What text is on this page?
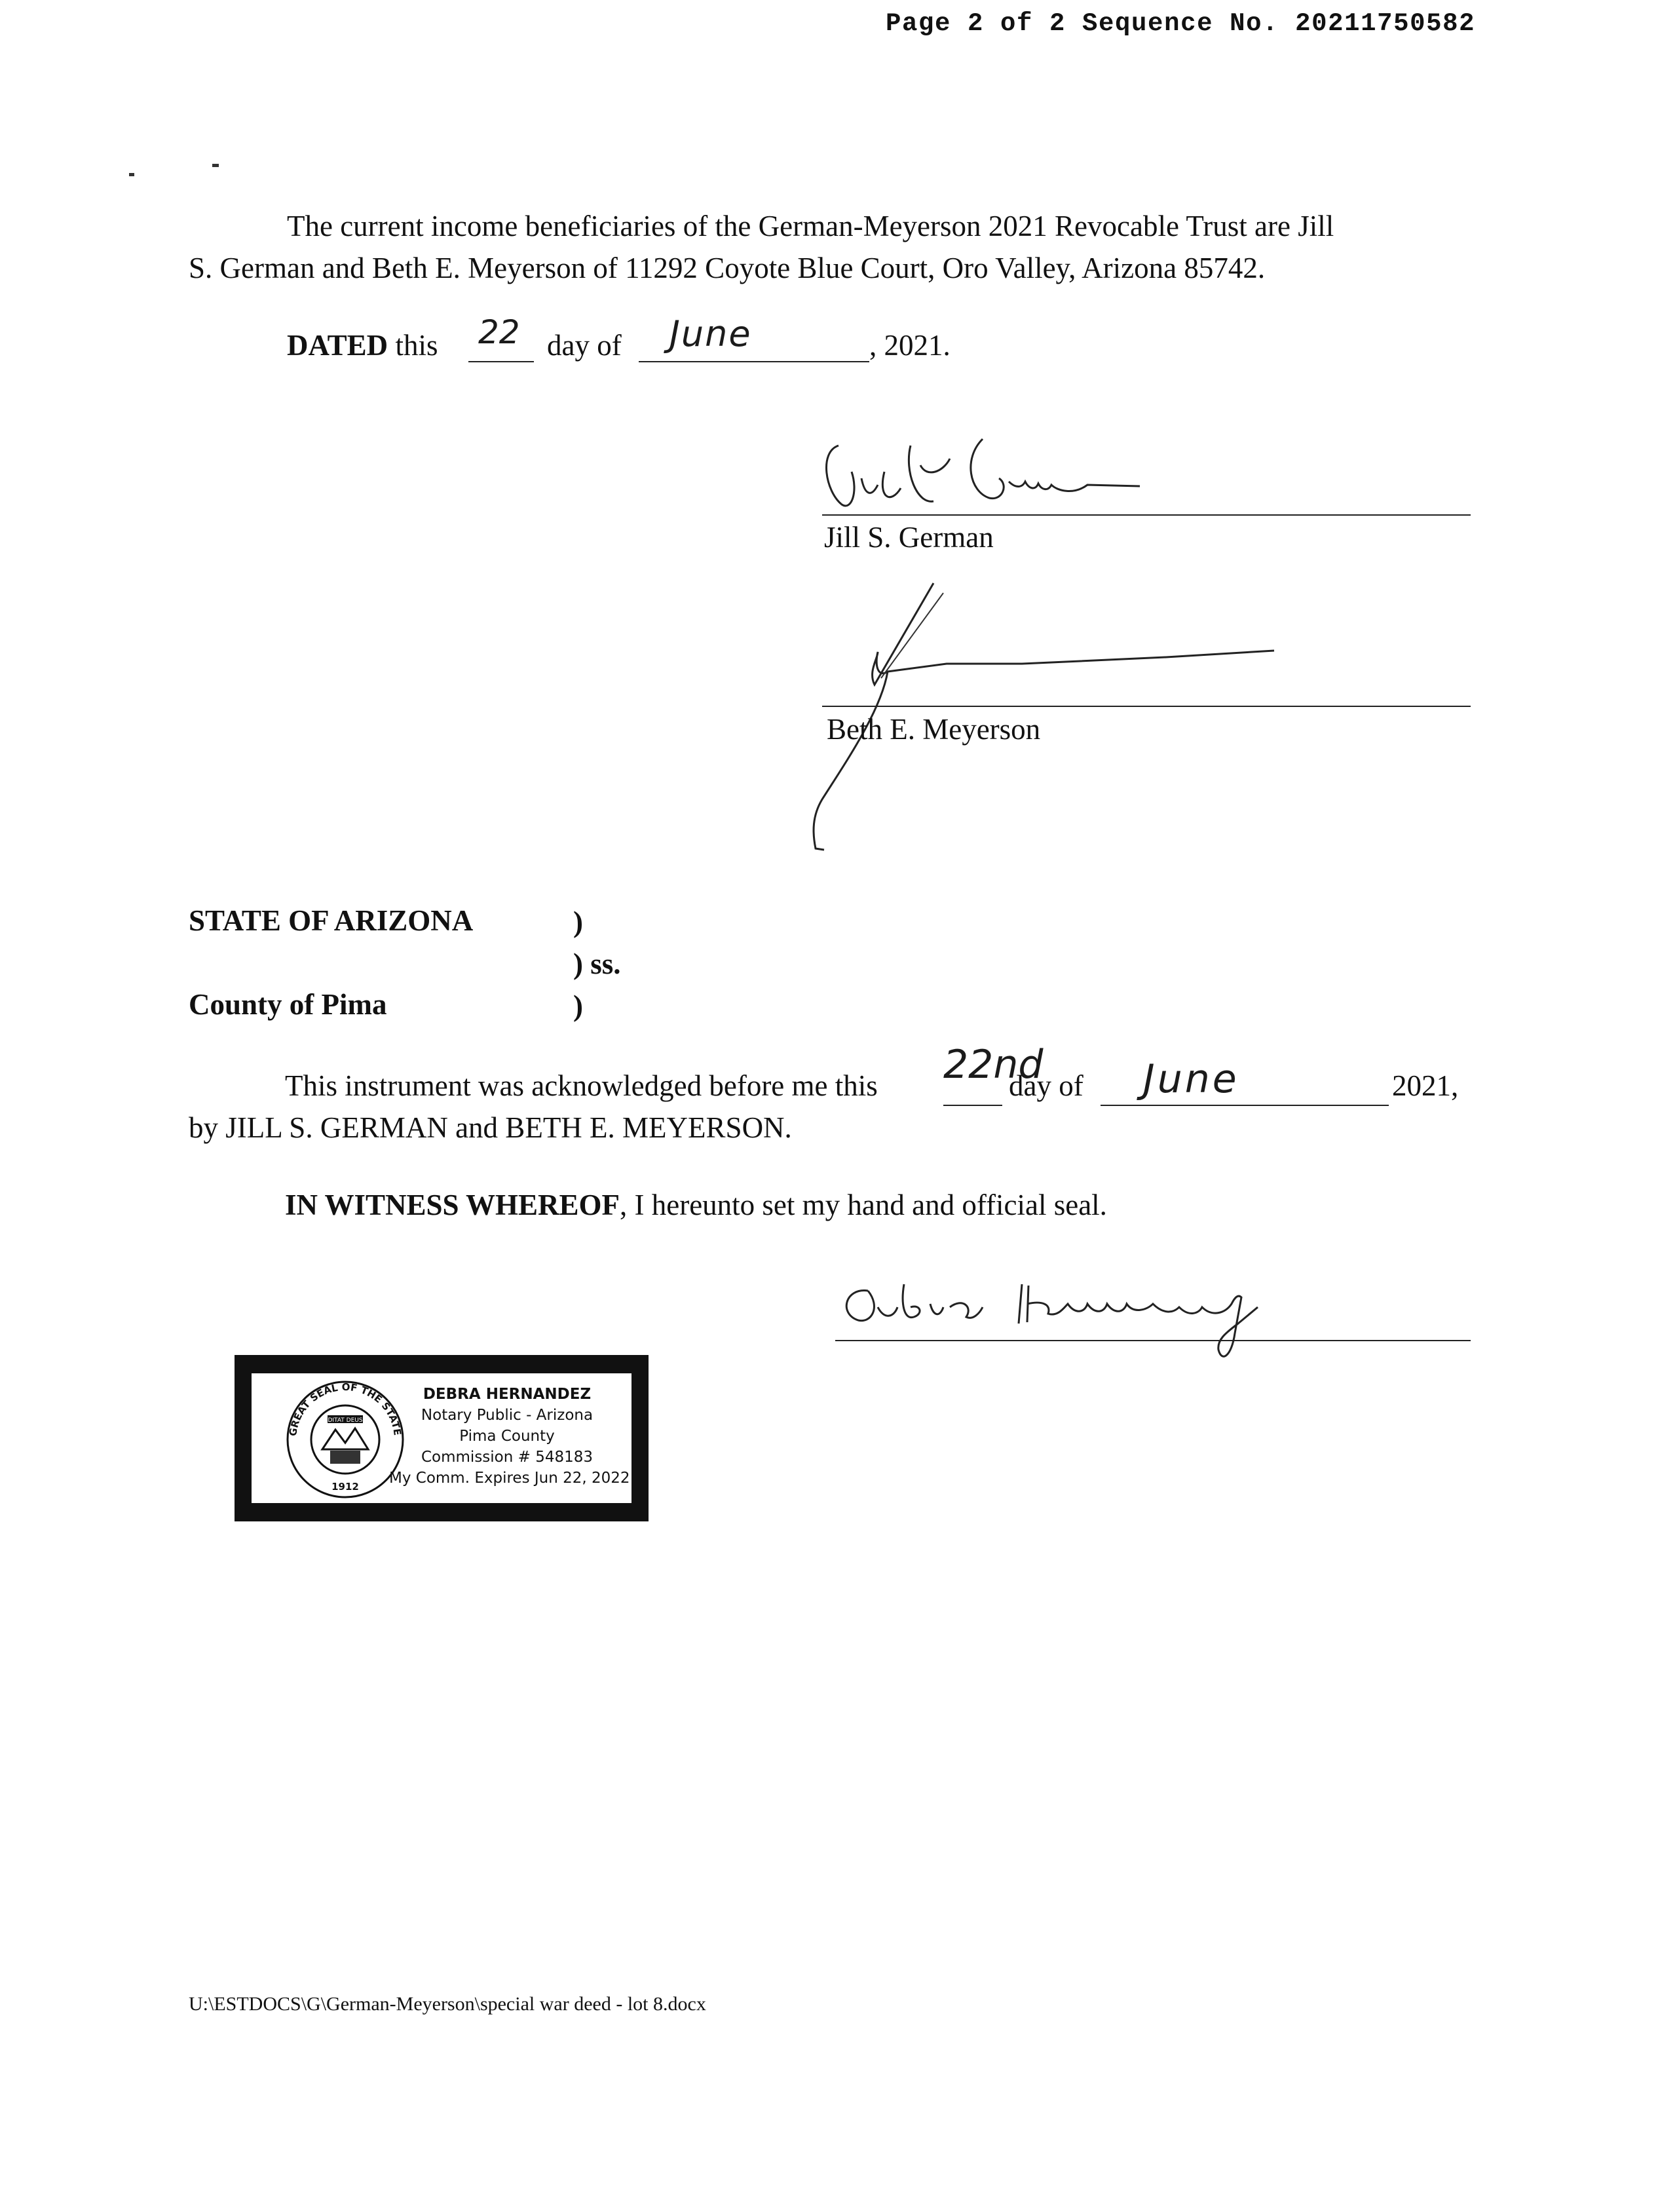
Page 2 of 2 Sequence No. 20211750582
The current income beneficiaries of the German-Meyerson 2021 Revocable Trust are Jill
S. German and Beth E. Meyerson of 11292 Coyote Blue Court, Oro Valley, Arizona 85742.
DATED this 22 day of June	, 2021.
Jill S. German
Beth E. Meyerson
STATE OF ARIZONA	)
) ss.
County of Pima	)
This instrument was acknowledged before me this 22nd
day of June	2021,
by JILL S. GERMAN and BETH E. MEYERSON.
IN WITNESS WHEREOF, I hereunto set my hand and official seal.
GREAT SEAL OF THE STATE OF ARIZONA
DITAT DEUS
1912
DEBRA HERNANDEZ
Notary Public - Arizona
Pima County
Commission # 548183
My Comm. Expires Jun 22, 2022
U:\ESTDOCS\G\German-Meyerson\special war deed - lot 8.docx
